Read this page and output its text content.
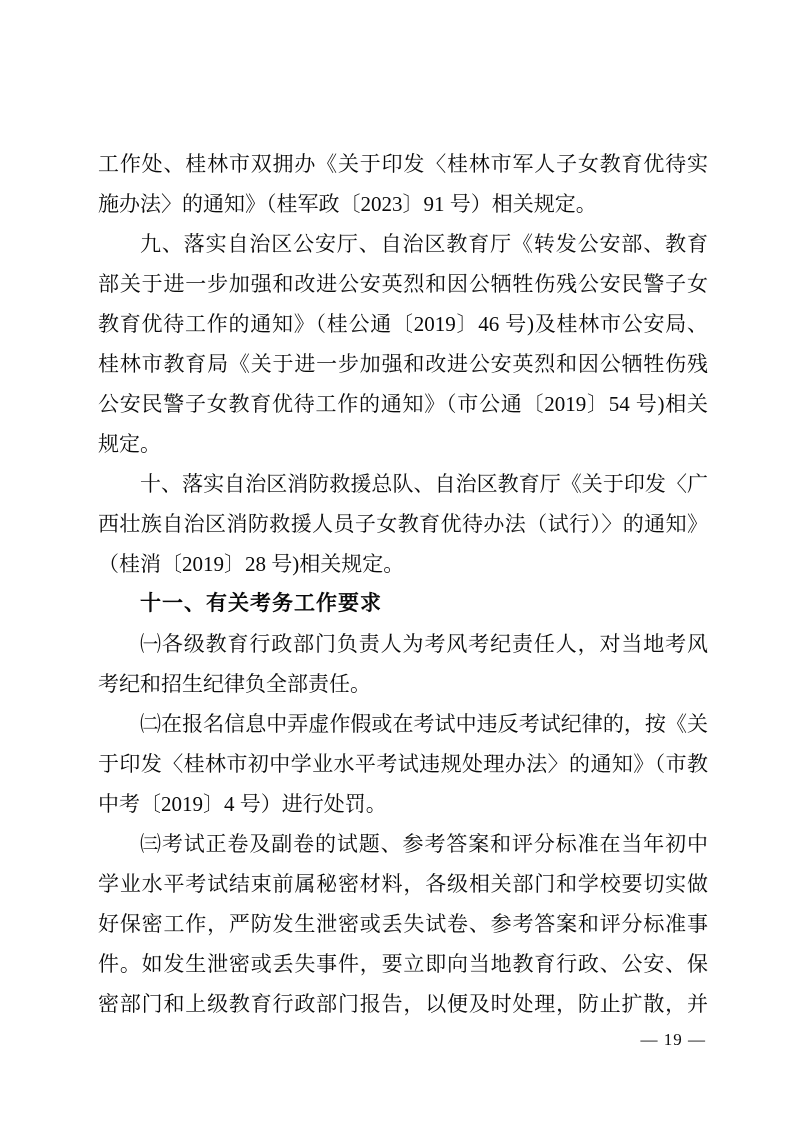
工作处、桂林市双拥办《关于印发〈桂林市军人子女教育优待实
施办法〉的通知》（桂军政〔2023〕91 号）相关规定。
九、落实自治区公安厅、自治区教育厅《转发公安部、教育
部关于进一步加强和改进公安英烈和因公牺牲伤残公安民警子女
教育优待工作的通知》（桂公通〔2019〕46 号)及桂林市公安局、
桂林市教育局《关于进一步加强和改进公安英烈和因公牺牲伤残
公安民警子女教育优待工作的通知》（市公通〔2019〕54 号)相关
规定。
十、落实自治区消防救援总队、自治区教育厅《关于印发〈广
西壮族自治区消防救援人员子女教育优待办法（试行）〉的通知》
（桂消〔2019〕28 号)相关规定。
十一、有关考务工作要求
㈠各级教育行政部门负责人为考风考纪责任人，对当地考风
考纪和招生纪律负全部责任。
㈡在报名信息中弄虚作假或在考试中违反考试纪律的，按《关
于印发〈桂林市初中学业水平考试违规处理办法〉的通知》（市教
中考〔2019〕4 号）进行处罚。
㈢考试正卷及副卷的试题、参考答案和评分标准在当年初中
学业水平考试结束前属秘密材料，各级相关部门和学校要切实做
好保密工作，严防发生泄密或丢失试卷、参考答案和评分标准事
件。如发生泄密或丢失事件，要立即向当地教育行政、公安、保
密部门和上级教育行政部门报告，以便及时处理，防止扩散，并
— 19 —
